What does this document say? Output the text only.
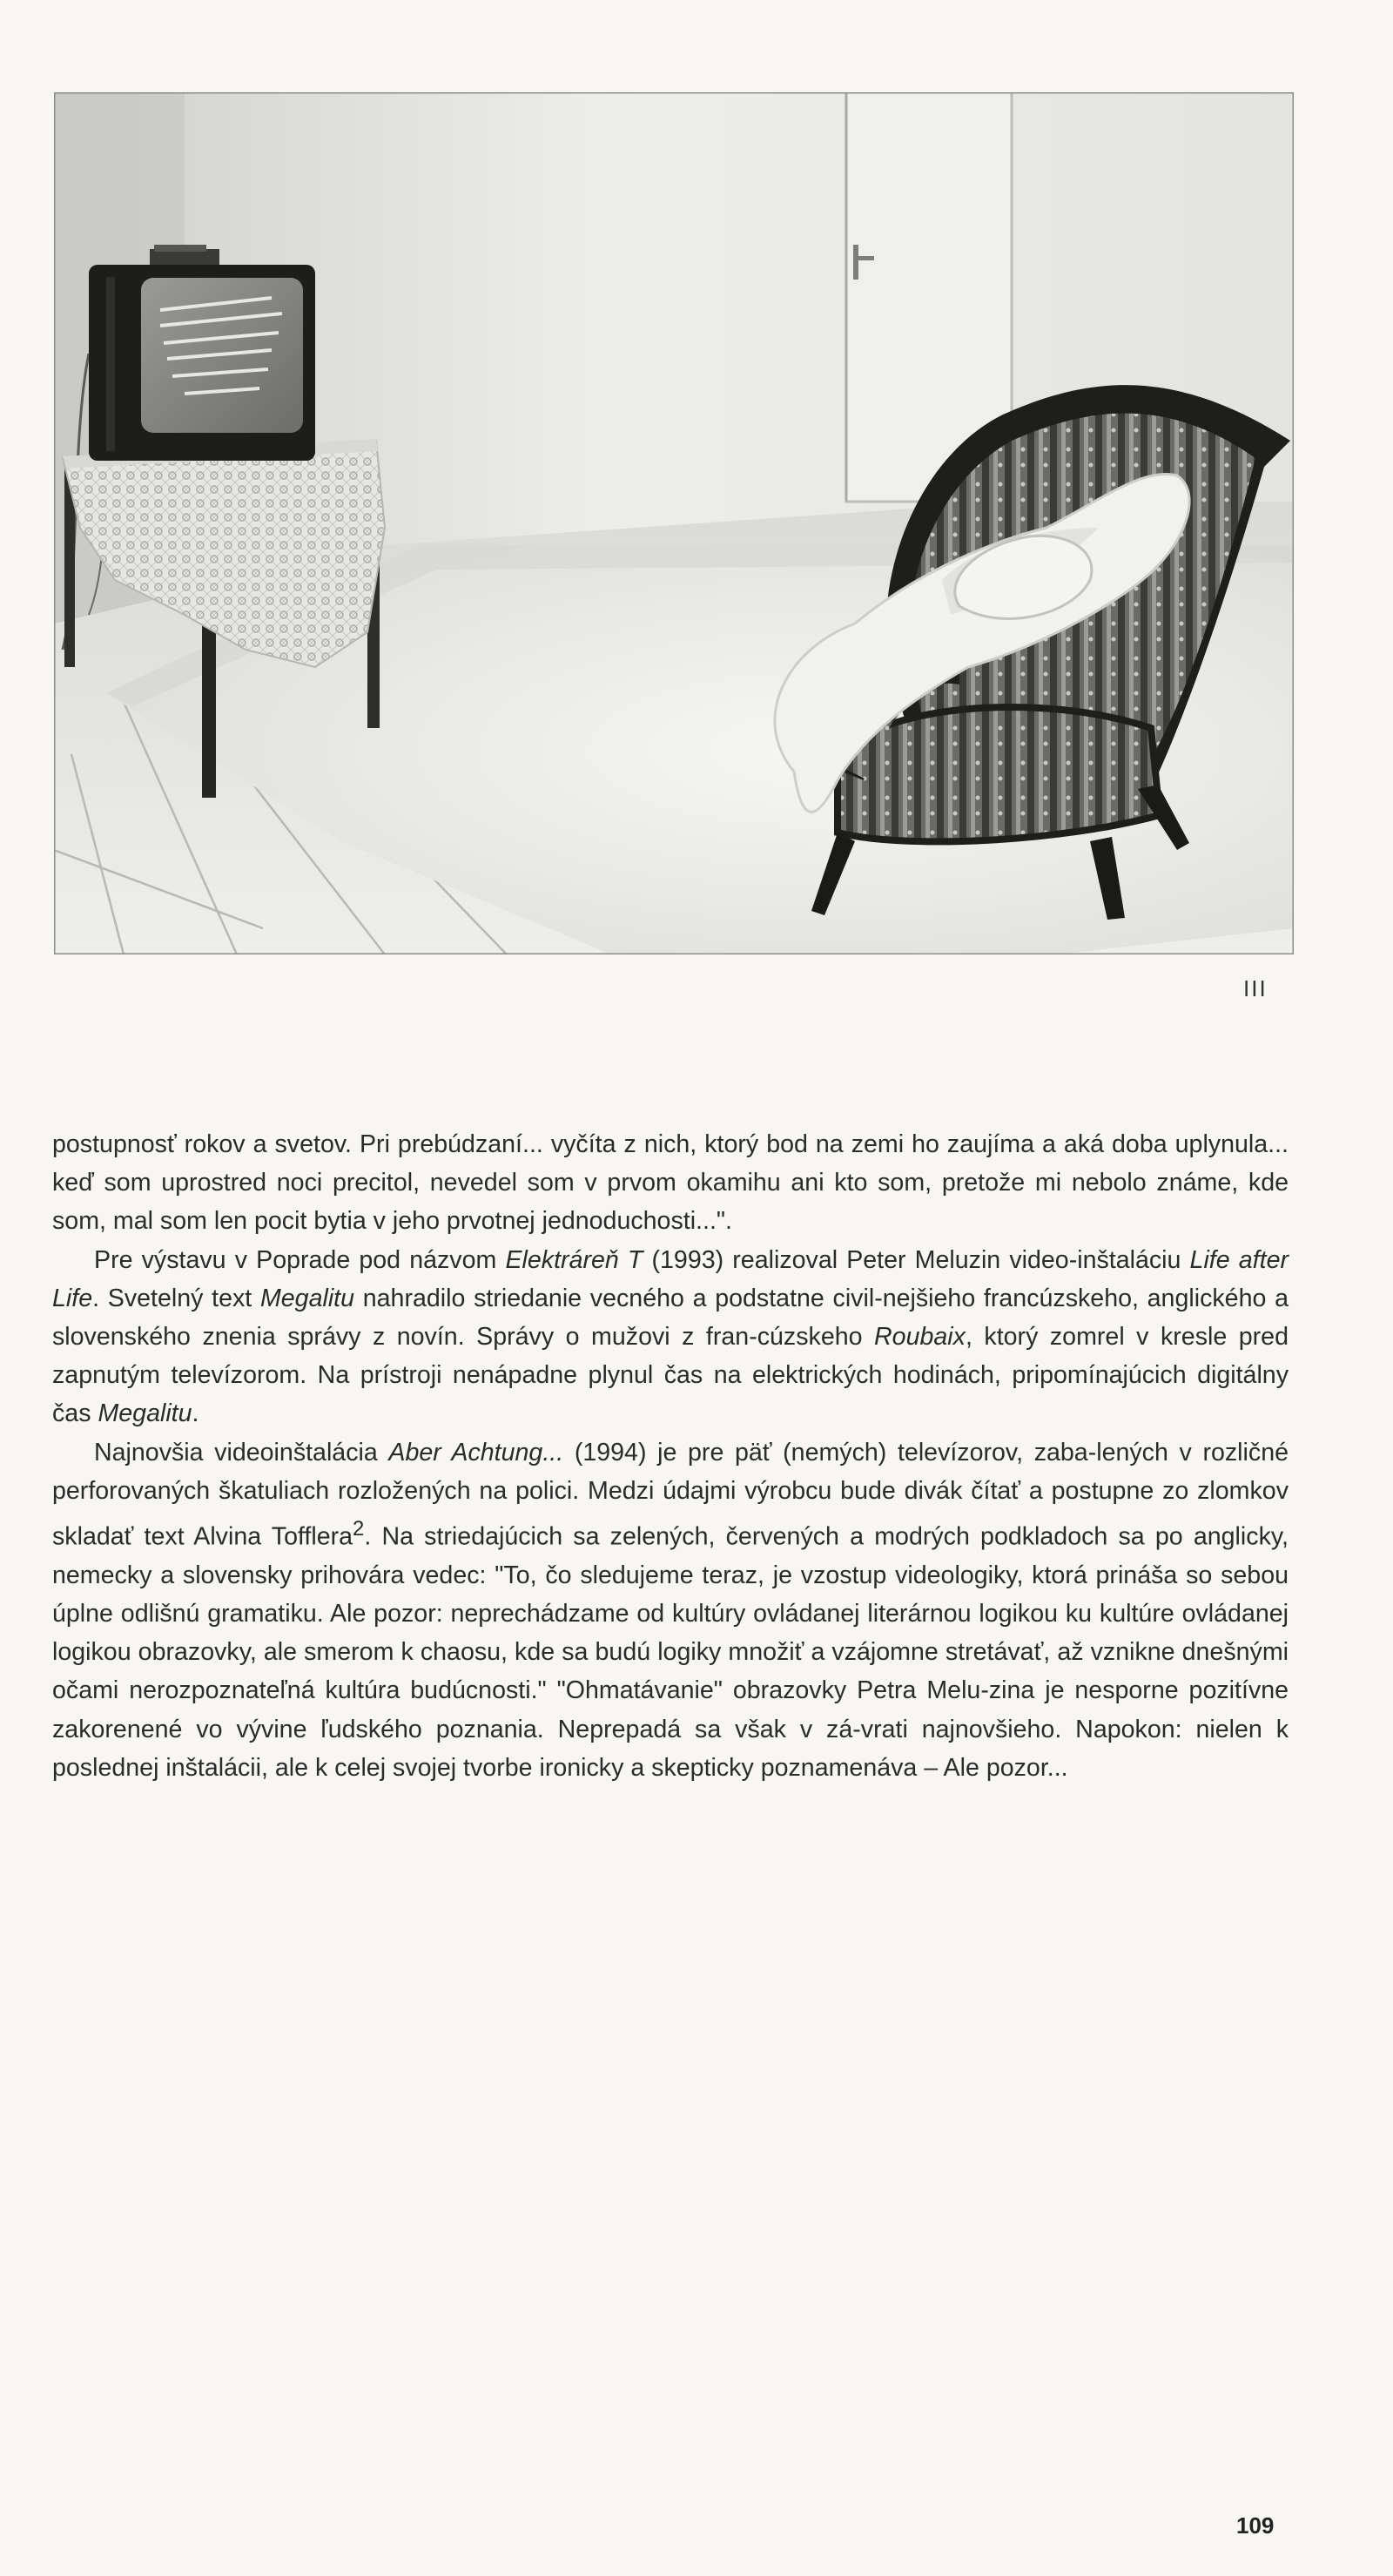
III

postupnosť rokov a svetov. Pri prebúdzaní... vyčíta z nich, ktorý bod na zemi ho zaujíma a aká doba uplynula... keď som uprostred noci precitol, nevedel som v prvom okamihu ani kto som, pretože mi nebolo známe, kde som, mal som len pocit bytia v jeho prvotnej jednoduchosti...".

Pre výstavu v Poprade pod názvom Elektráreň T (1993) realizoval Peter Meluzin video-inštaláciu Life after Life. Svetelný text Megalitu nahradilo striedanie vecného a podstatne civil-nejšieho francúzskeho, anglického a slovenského znenia správy z novín. Správy o mužovi z fran-cúzskeho Roubaix, ktorý zomrel v kresle pred zapnutým televízorom. Na prístroji nenápadne plynul čas na elektrických hodinách, pripomínajúcich digitálny čas Megalitu.

Najnovšia videoinštalácia Aber Achtung... (1994) je pre päť (nemých) televízorov, zaba-lených v rozličné perforovaných škatuliach rozložených na polici. Medzi údajmi výrobcu bude divák čítať a postupne zo zlomkov skladať text Alvina Tofflera$^2$. Na striedajúcich sa zelených, červených a modrých podkladoch sa po anglicky, nemecky a slovensky prihovára vedec: "To, čo sledujeme teraz, je vzostup videologiky, ktorá prináša so sebou úplne odlišnú gramatiku. Ale pozor: neprechádzame od kultúry ovládanej literárnou logikou ku kultúre ovládanej logikou obrazovky, ale smerom k chaosu, kde sa budú logiky množiť a vzájomne stretávať, až vznikne dnešnými očami nerozpoznateľná kultúra budúcnosti." "Ohmatávanie" obrazovky Petra Melu-zina je nesporne pozitívne zakorenené vo vývine ľudského poznania. Neprepadá sa však v zá-vrati najnovšieho. Napokon: nielen k poslednej inštalácii, ale k celej svojej tvorbe ironicky a skepticky poznamenáva – Ale pozor...

109
